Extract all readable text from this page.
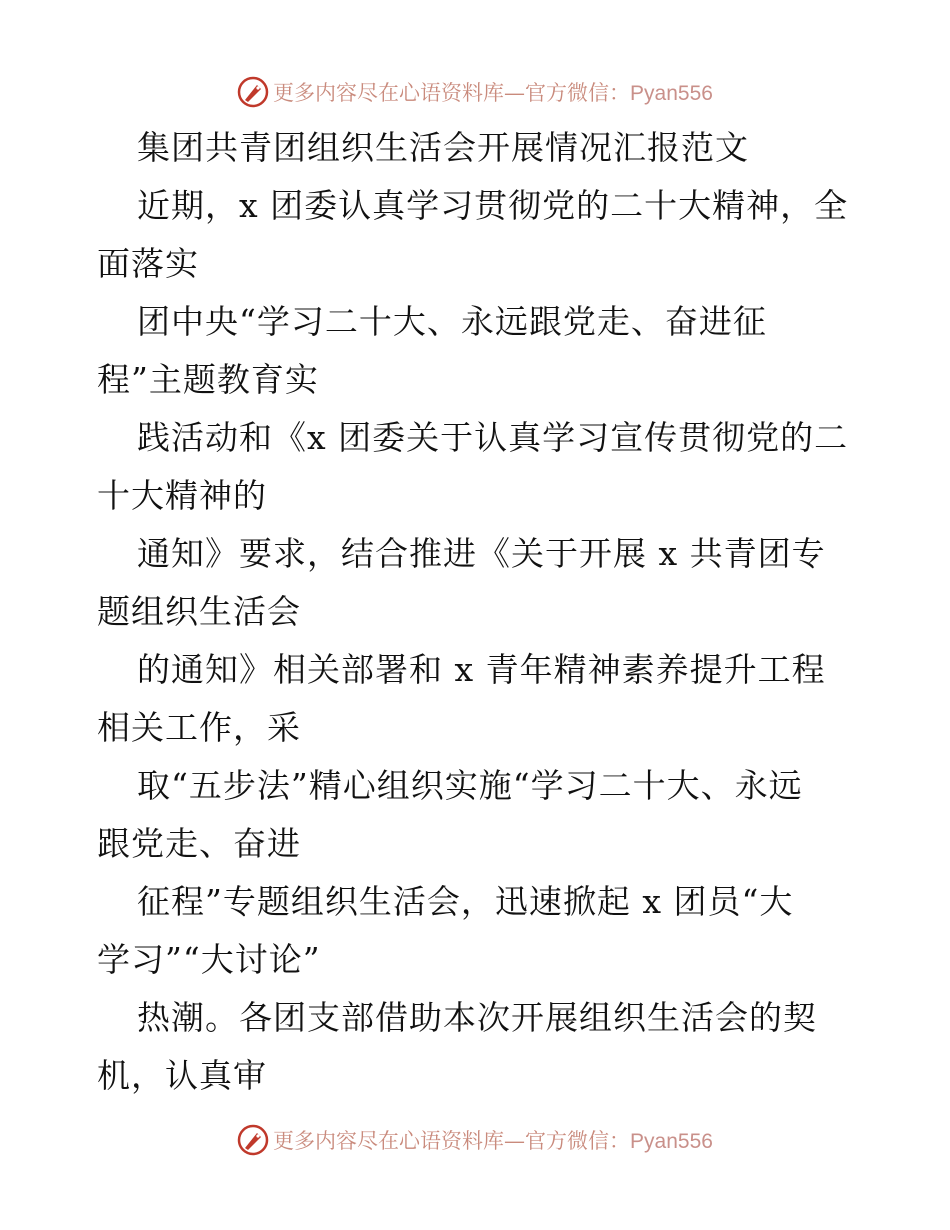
更多内容尽在心语资料库—官方微信：Pyan556
集团共青团组织生活会开展情况汇报范文
近期，x 团委认真学习贯彻党的二十大精神，全
面落实
团中央“学习二十大、永远跟党走、奋进征
程”主题教育实
践活动和《x 团委关于认真学习宣传贯彻党的二
十大精神的
通知》要求，结合推进《关于开展 x 共青团专
题组织生活会
的通知》相关部署和 x 青年精神素养提升工程
相关工作，采
取“五步法”精心组织实施“学习二十大、永远
跟党走、奋进
征程”专题组织生活会，迅速掀起 x 团员“大
学习”“大讨论”
热潮。各团支部借助本次开展组织生活会的契
机，认真审
更多内容尽在心语资料库—官方微信：Pyan556
